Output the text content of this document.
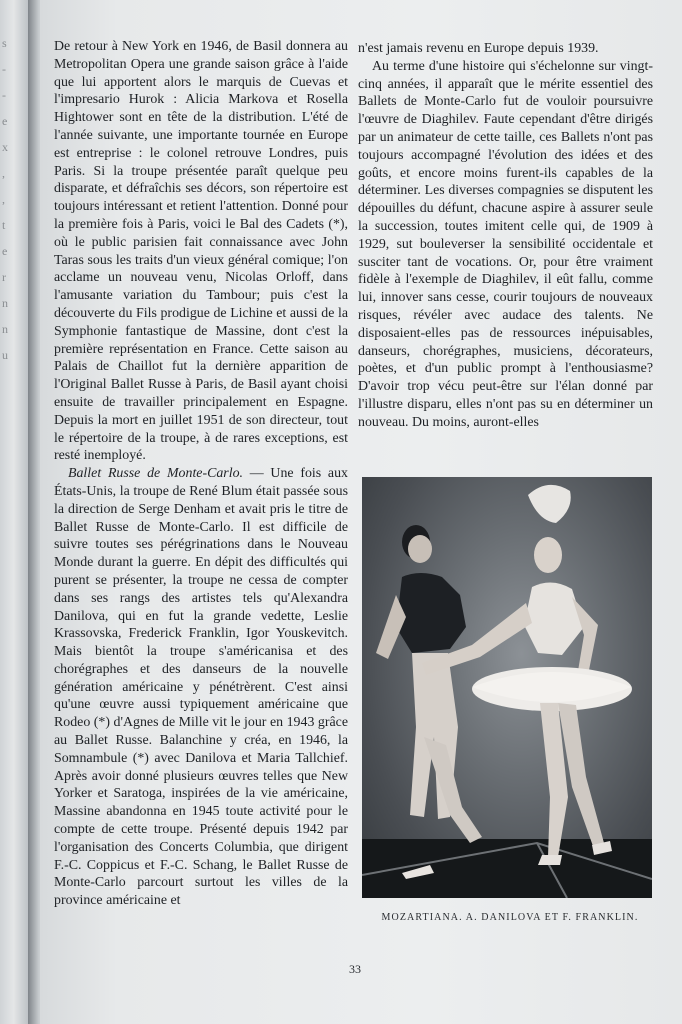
s
-
-
e
x
,
,
t
e
r
n
n
u

De retour à New York en 1946, de Basil donnera au Metropolitan Opera une grande saison grâce à l'aide que lui apportent alors le marquis de Cuevas et l'impresario Hurok : Alicia Markova et Rosella Hightower sont en tête de la distribution. L'été de l'année suivante, une importante tournée en Europe est entreprise : le colonel retrouve Londres, puis Paris. Si la troupe présentée paraît quelque peu disparate, et défraîchis ses décors, son répertoire est toujours intéressant et retient l'attention. Donné pour la première fois à Paris, voici le Bal des Cadets (*), où le public parisien fait connaissance avec John Taras sous les traits d'un vieux général comique; l'on acclame un nouveau venu, Nicolas Orloff, dans l'amusante variation du Tambour; puis c'est la découverte du Fils prodigue de Lichine et aussi de la Symphonie fantastique de Massine, dont c'est la première représentation en France. Cette saison au Palais de Chaillot fut la dernière apparition de l'Original Ballet Russe à Paris, de Basil ayant choisi ensuite de travailler principalement en Espagne. Depuis la mort en juillet 1951 de son directeur, tout le répertoire de la troupe, à de rares exceptions, est resté inemployé.

Ballet Russe de Monte-Carlo. — Une fois aux États-Unis, la troupe de René Blum était passée sous la direction de Serge Denham et avait pris le titre de Ballet Russe de Monte-Carlo. Il est difficile de suivre toutes ses pérégrinations dans le Nouveau Monde durant la guerre. En dépit des difficultés qui purent se présenter, la troupe ne cessa de compter dans ses rangs des artistes tels qu'Alexandra Danilova, qui en fut la grande vedette, Leslie Krassovska, Frederick Franklin, Igor Youskevitch. Mais bientôt la troupe s'américanisa et des chorégraphes et des danseurs de la nouvelle génération américaine y pénétrèrent. C'est ainsi qu'une œuvre aussi typiquement américaine que Rodeo (*) d'Agnes de Mille vit le jour en 1943 grâce au Ballet Russe. Balanchine y créa, en 1946, la Somnambule (*) avec Danilova et Maria Tallchief. Après avoir donné plusieurs œuvres telles que New Yorker et Saratoga, inspirées de la vie américaine, Massine abandonna en 1945 toute activité pour le compte de cette troupe. Présenté depuis 1942 par l'organisation des Concerts Columbia, que dirigent F.-C. Coppicus et F.-C. Schang, le Ballet Russe de Monte-Carlo parcourt surtout les villes de la province américaine et

n'est jamais revenu en Europe depuis 1939.

Au terme d'une histoire qui s'échelonne sur vingt-cinq années, il apparaît que le mérite essentiel des Ballets de Monte-Carlo fut de vouloir poursuivre l'œuvre de Diaghilev. Faute cependant d'être dirigés par un animateur de cette taille, ces Ballets n'ont pas toujours accompagné l'évolution des idées et des goûts, et encore moins furent-ils capables de la déterminer. Les diverses compagnies se disputent les dépouilles du défunt, chacune aspire à assurer seule la succession, toutes imitent celle qui, de 1909 à 1929, sut bouleverser la sensibilité occidentale et susciter tant de vocations. Or, pour être vraiment fidèle à l'exemple de Diaghilev, il eût fallu, comme lui, innover sans cesse, courir toujours de nouveaux risques, révéler avec audace des talents. Ne disposaient-elles pas de ressources inépuisables, danseurs, chorégraphes, musiciens, décorateurs, poètes, et d'un public prompt à l'enthousiasme? D'avoir trop vécu peut-être sur l'élan donné par l'illustre disparu, elles n'ont pas su en déterminer un nouveau. Du moins, auront-elles

MOZARTIANA. A. DANILOVA ET F. FRANKLIN.
33
